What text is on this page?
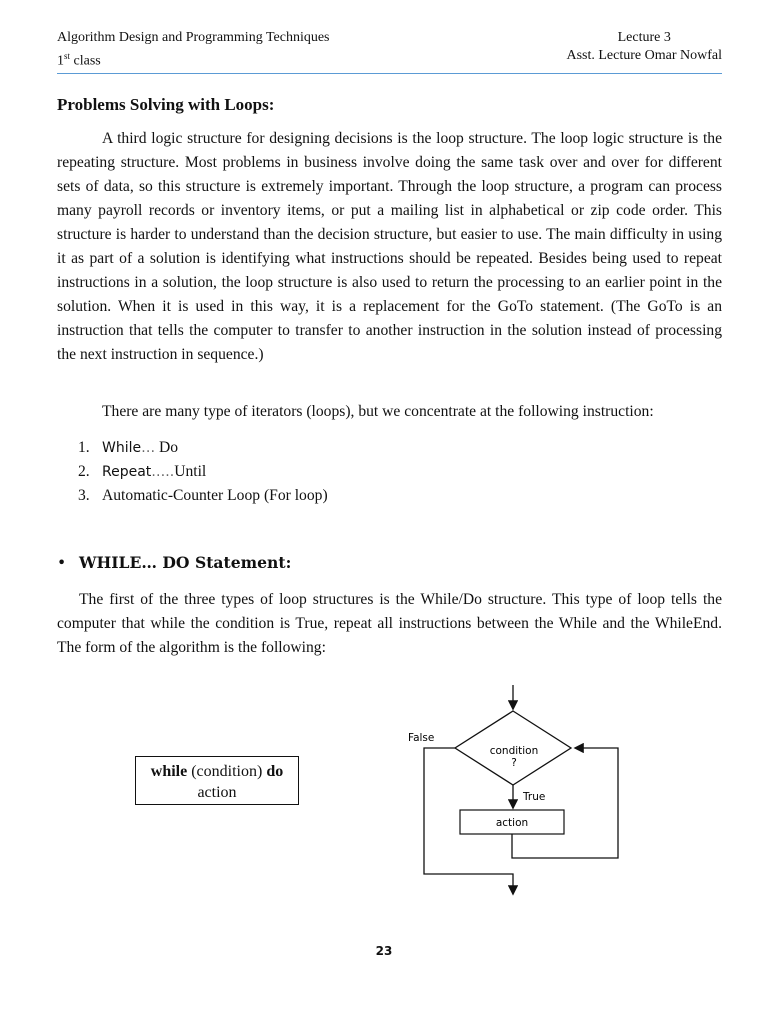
Algorithm Design and Programming Techniques
1st class
Lecture 3
Asst. Lecture Omar Nowfal
Problems Solving with Loops:

A third logic structure for designing decisions is the loop structure. The loop logic structure is the repeating structure. Most problems in business involve doing the same task over and over for different sets of data, so this structure is extremely important. Through the loop structure, a program can process many payroll records or inventory items, or put a mailing list in alphabetical or zip code order. This structure is harder to understand than the decision structure, but easier to use. The main difficulty in using it as part of a solution is identifying what instructions should be repeated. Besides being used to repeat instructions in a solution, the loop structure is also used to return the processing to an earlier point in the solution. When it is used in this way, it is a replacement for the GoTo statement. (The GoTo is an instruction that tells the computer to transfer to another instruction in the solution instead of processing the next instruction in sequence.)

There are many type of iterators (loops), but we concentrate at the following instruction:

1. While… Do
2. Repeat…..Until
3. Automatic-Counter Loop (For loop)
• WHILE… DO Statement:

The first of the three types of loop structures is the While/Do structure. This type of loop tells the computer that while the condition is True, repeat all instructions between the While and the WhileEnd. The form of the algorithm is the following:

while (condition) do
action
condition
?
True
action
False
23
